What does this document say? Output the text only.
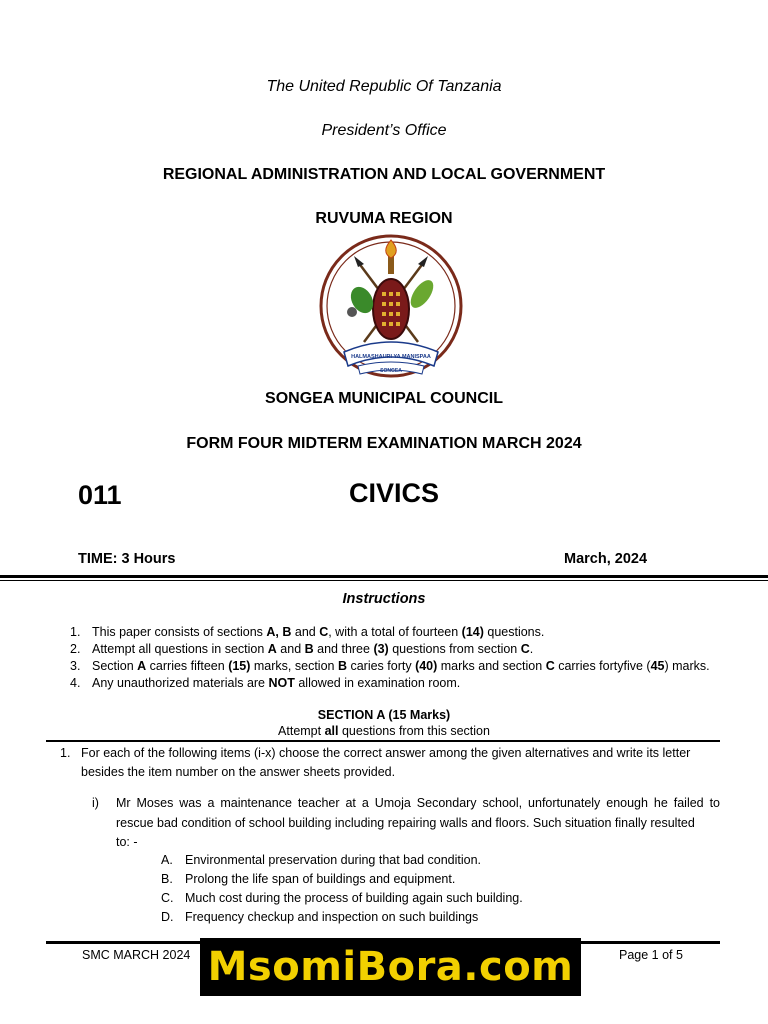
The United Republic Of Tanzania
President’s Office
REGIONAL ADMINISTRATION AND LOCAL GOVERNMENT
RUVUMA REGION
HALMASHAURI YA MANISPAA
SONGEA
SONGEA MUNICIPAL COUNCIL
FORM FOUR MIDTERM EXAMINATION MARCH 2024
011	CIVICS
TIME: 3 Hours	March, 2024
Instructions
1. This paper consists of sections A, B and C, with a total of fourteen (14) questions.
2. Attempt all questions in section A and B and three (3) questions from section C.
3. Section A carries fifteen (15) marks, section B caries forty (40) marks and section C carries fortyfive (45) marks.
4. Any unauthorized materials are NOT allowed in examination room.
SECTION A (15 Marks)
Attempt all questions from this section
1. For each of the following items (i-x) choose the correct answer among the given alternatives and write its letter
besides the item number on the answer sheets provided.
i) Mr Moses was a maintenance teacher at a Umoja Secondary school, unfortunately enough he failed to
rescue bad condition of school building including repairing walls and floors. Such situation finally resulted
to: -
A. Environmental preservation during that bad condition.
B. Prolong the life span of buildings and equipment.
C. Much cost during the process of building again such building.
D. Frequency checkup and inspection on such buildings
SMC MARCH 2024	Page 1 of 5
MsomiBora.com
